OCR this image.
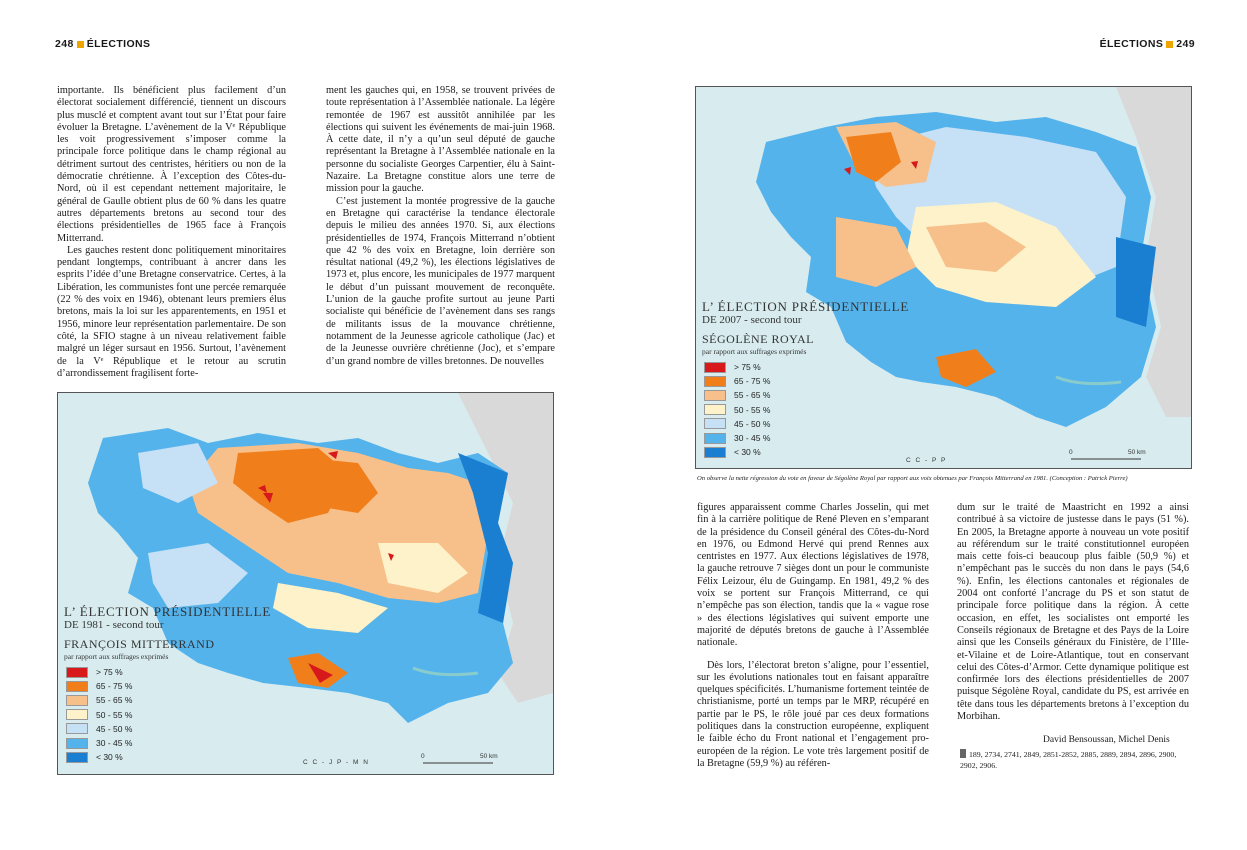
248 ÉLECTIONS

importante. Ils bénéficient plus facilement d’un électorat socialement différencié, tiennent un discours plus musclé et comptent avant tout sur l’État pour faire évoluer la Bretagne. L’avènement de la Vᵉ République les voit progressivement s’imposer comme la principale force politique dans le champ régional au détriment surtout des centristes, héritiers ou non de la démocratie chrétienne. À l’exception des Côtes-du-Nord, où il est cependant nettement majoritaire, le général de Gaulle obtient plus de 60 % dans les quatre autres départements bretons au second tour des élections présidentielles de 1965 face à François Mitterrand.

Les gauches restent donc politiquement minoritaires pendant longtemps, contribuant à ancrer dans les esprits l’idée d’une Bretagne conservatrice. Certes, à la Libération, les communistes font une percée remarquée (22 % des voix en 1946), obtenant leurs premiers élus bretons, mais la loi sur les apparentements, en 1951 et 1956, minore leur représentation parlementaire. De son côté, la SFIO stagne à un niveau relativement faible malgré un léger sursaut en 1956. Surtout, l’avènement de la Vᵉ République et le retour au scrutin d’arrondissement fragilisent forte-

ment les gauches qui, en 1958, se trouvent privées de toute représentation à l’Assemblée nationale. La légère remontée de 1967 est aussitôt annihilée par les élections qui suivent les événements de mai-juin 1968. À cette date, il n’y a qu’un seul député de gauche représentant la Bretagne à l’Assemblée nationale en la personne du socialiste Georges Carpentier, élu à Saint-Nazaire. La Bretagne constitue alors une terre de mission pour la gauche.

C’est justement la montée progressive de la gauche en Bretagne qui caractérise la tendance électorale depuis le milieu des années 1970. Si, aux élections présidentielles de 1974, François Mitterrand n’obtient que 42 % des voix en Bretagne, loin derrière son résultat national (49,2 %), les élections législatives de 1973 et, plus encore, les municipales de 1977 marquent le début d’un puissant mouvement de reconquête. L’union de la gauche profite surtout au jeune Parti socialiste qui bénéficie de l’avènement dans ses rangs de militants issus de la mouvance chrétienne, notamment de la Jeunesse agricole catholique (Jac) et de la Jeunesse ouvrière chrétienne (Joc), et s’empare d’un grand nombre de villes bretonnes. De nouvelles

L’ ÉLECTION PRÉSIDENTIELLE
DE 1981 - second tour
FRANÇOIS MITTERRAND
par rapport aux suffrages exprimés
> 75 %
65 - 75 %
55 - 65 %
50 - 55 %
45 - 50 %
30 - 45 %
< 30 %
C C - J P - M N
0	50 km
ÉLECTIONS 249
L’ ÉLECTION PRÉSIDENTIELLE
DE 2007 - second tour
SÉGOLÈNE ROYAL
par rapport aux suffrages exprimés
> 75 %
65 - 75 %
55 - 65 %
50 - 55 %
45 - 50 %
30 - 45 %
< 30 %
C C - P P
0	50 km

figures apparaissent comme Charles Josselin, qui met fin à la carrière politique de René Pleven en s’emparant de la présidence du Conseil général des Côtes-du-Nord en 1976, ou Edmond Hervé qui prend Rennes aux centristes en 1977. Aux élections législatives de 1978, la gauche retrouve 7 sièges dont un pour le communiste Félix Leizour, élu de Guingamp. En 1981, 49,2 % des voix se portent sur François Mitterrand, ce qui n’empêche pas son élection, tandis que la « vague rose » des élections législatives qui suivent emporte une majorité de députés bretons de gauche à l’Assemblée nationale.

Dès lors, l’électorat breton s’aligne, pour l’essentiel, sur les évolutions nationales tout en faisant apparaître quelques spécificités. L’humanisme fortement teintée de christianisme, porté un temps par le MRP, récupéré en partie par le PS, le rôle joué par ces deux formations politiques dans la construction européenne, expliquent le faible écho du Front national et l’engagement pro-européen de la région. Le vote très largement positif de la Bretagne (59,9 %) au référen-

dum sur le traité de Maastricht en 1992 a ainsi contribué à sa victoire de justesse dans le pays (51 %). En 2005, la Bretagne apporte à nouveau un vote positif au référendum sur le traité constitutionnel européen mais cette fois-ci beaucoup plus faible (50,9 %) et n’empêchant pas le succès du non dans le pays (54,6 %). Enfin, les élections cantonales et régionales de 2004 ont conforté l’ancrage du PS et son statut de principale force politique dans la région. À cette occasion, en effet, les socialistes ont emporté les Conseils régionaux de Bretagne et des Pays de la Loire ainsi que les Conseils généraux du Finistère, de l’Ille-et-Vilaine et de Loire-Atlantique, tout en conservant celui des Côtes-d’Armor. Cette dynamique politique est confirmée lors des élections présidentielles de 2007 puisque Ségolène Royal, candidate du PS, est arrivée en tête dans tous les départements bretons à l’exception du Morbihan.

David Bensoussan, Michel Denis
189, 2734, 2741, 2849, 2851-2852, 2885, 2889, 2894, 2896, 2900, 2902, 2906.
On observe la nette régression du vote en faveur de Ségolène Royal par rapport aux voix obtenues par François Mitterrand en 1981. (Conception : Patrick Pierre)
